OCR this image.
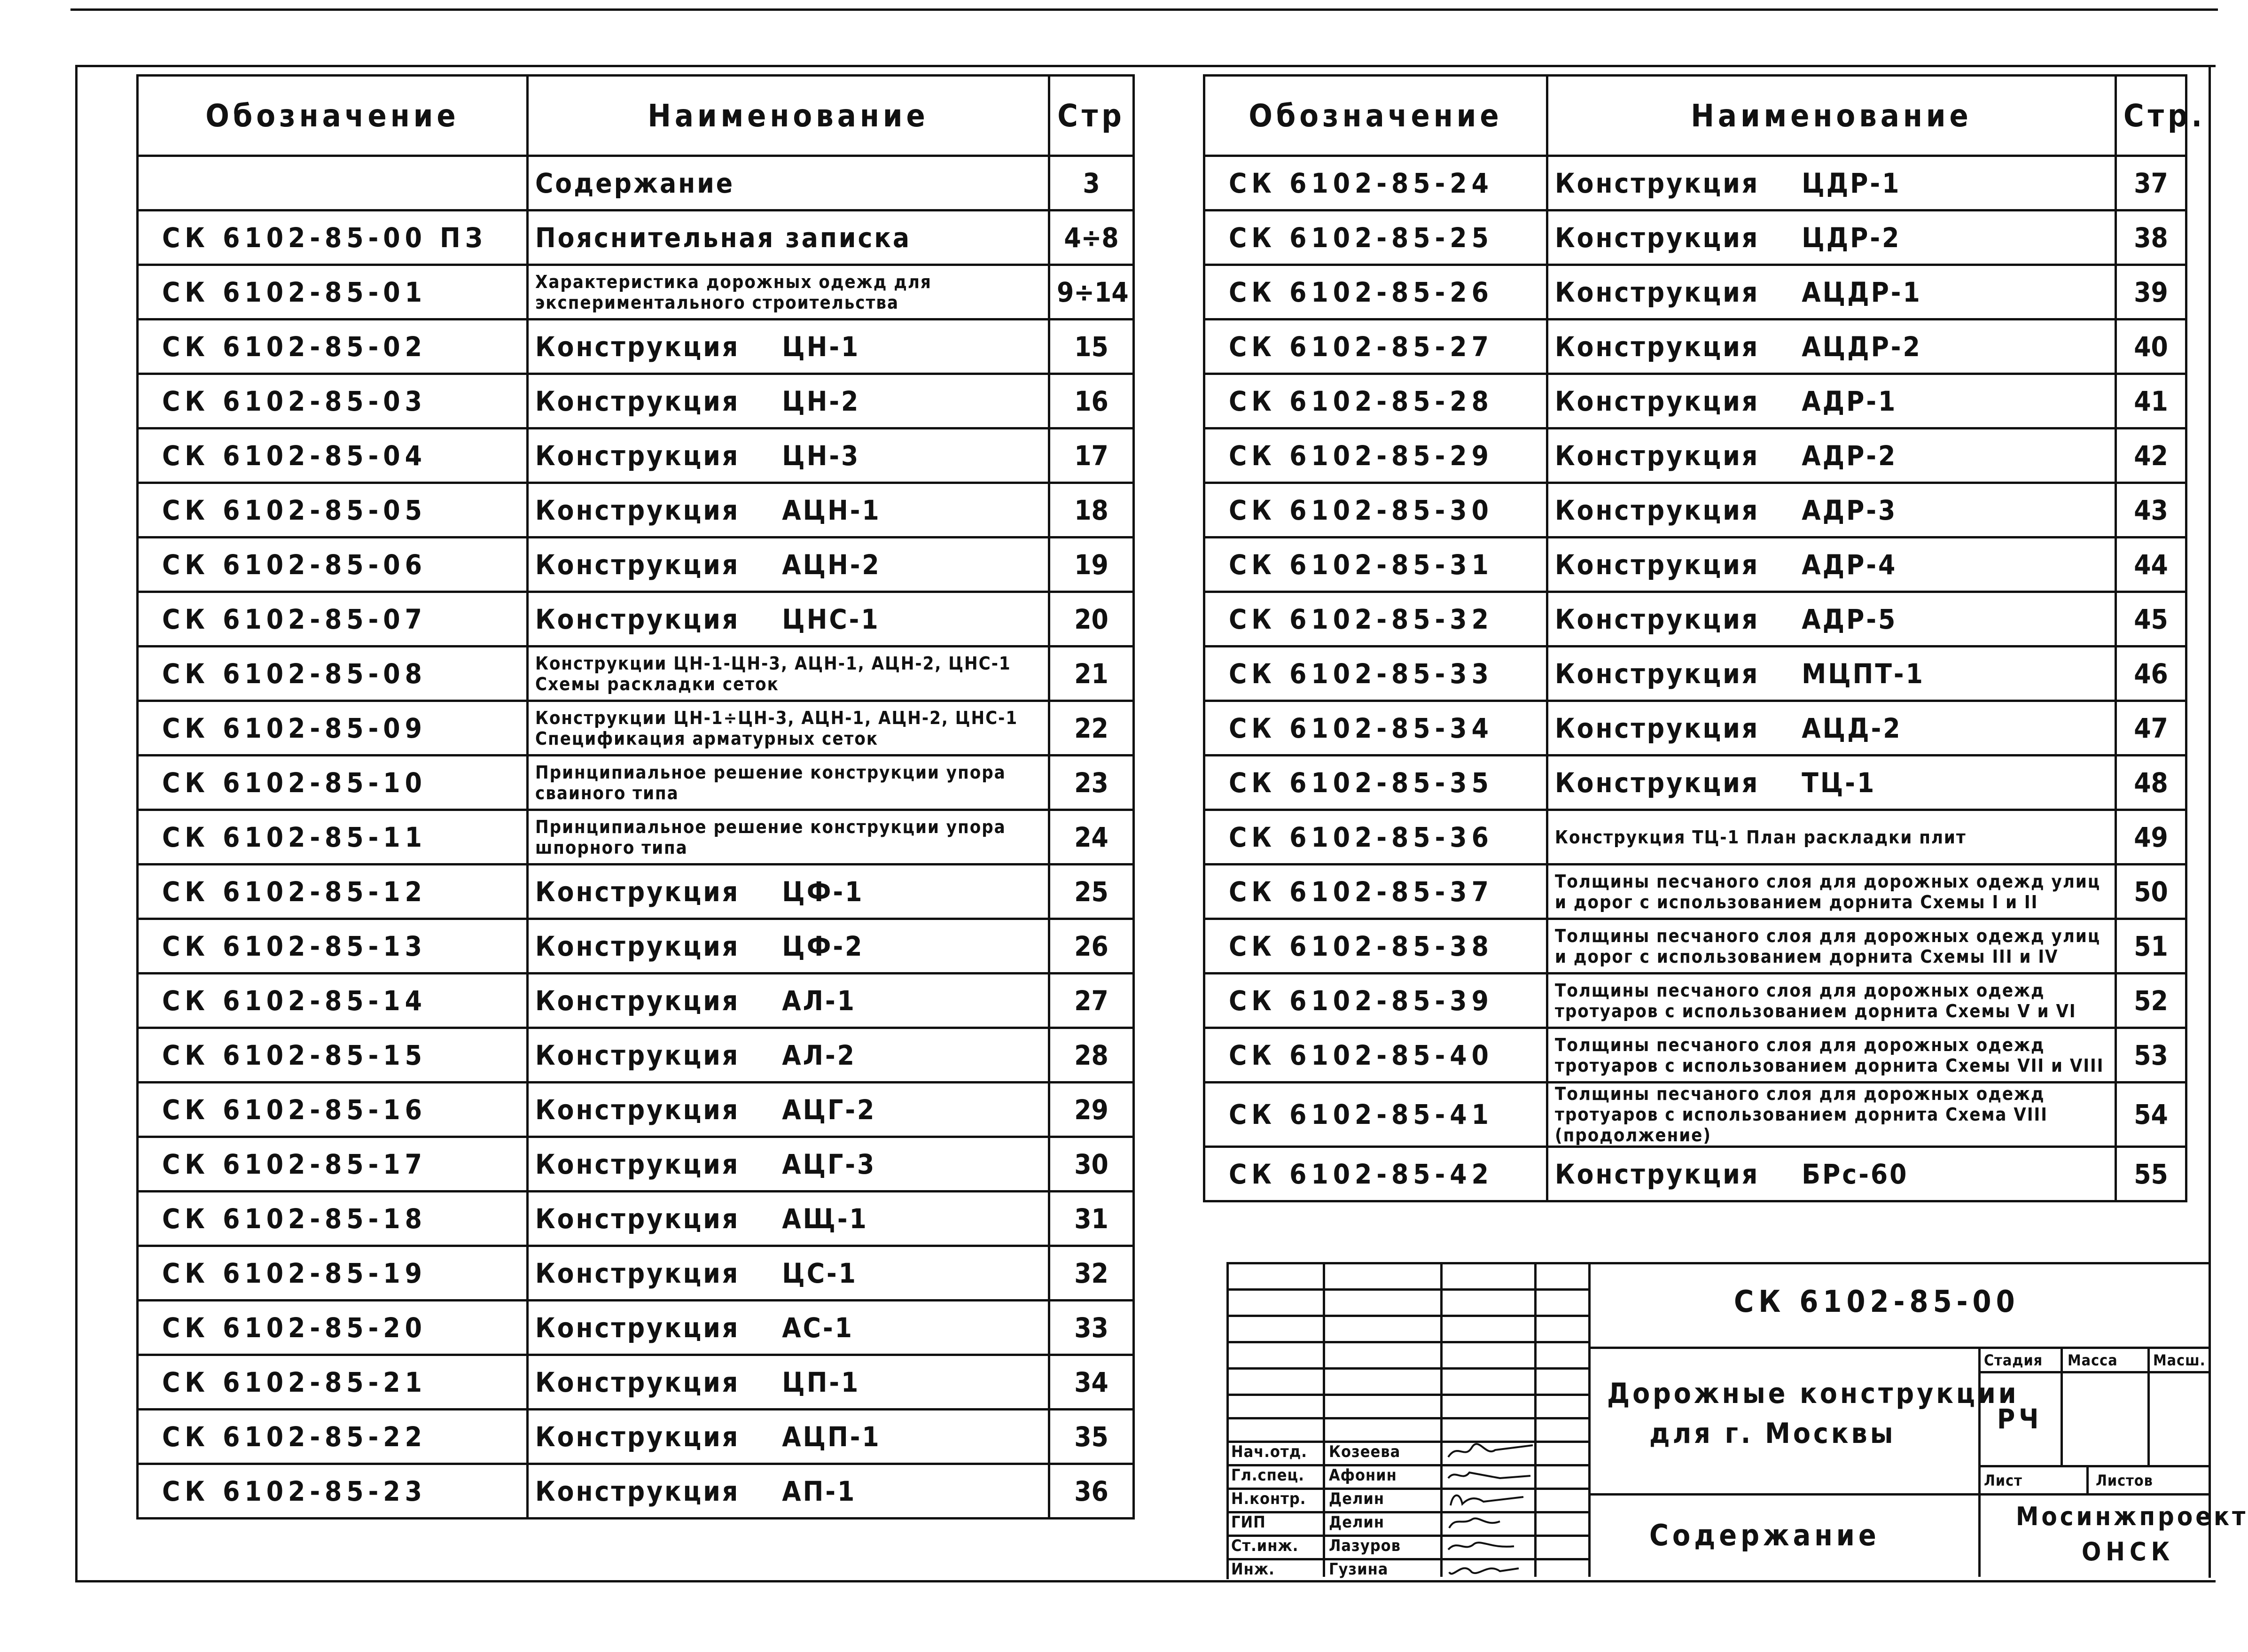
Обозначение	Наименование	Стр
	Содержание	3
СК 6102-85-00 ПЗ	Пояснительная записка	4÷8
СК 6102-85-01	Характеристика дорожных одежд для экспериментального строительства	9÷14
СК 6102-85-02	Конструкция ЦН-1	15
СК 6102-85-03	Конструкция ЦН-2	16
СК 6102-85-04	Конструкция ЦН-3	17
СК 6102-85-05	Конструкция АЦН-1	18
СК 6102-85-06	Конструкция АЦН-2	19
СК 6102-85-07	Конструкция ЦНС-1	20
СК 6102-85-08	Конструкции ЦН-1-ЦН-3, АЦН-1, АЦН-2, ЦНС-1 Схемы раскладки сеток	21
СК 6102-85-09	Конструкции ЦН-1÷ЦН-3, АЦН-1, АЦН-2, ЦНС-1 Спецификация арматурных сеток	22
СК 6102-85-10	Принципиальное решение конструкции упора сваиного типа	23
СК 6102-85-11	Принципиальное решение конструкции упора шпорного типа	24
СК 6102-85-12	Конструкция ЦФ-1	25
СК 6102-85-13	Конструкция ЦФ-2	26
СК 6102-85-14	Конструкция АЛ-1	27
СК 6102-85-15	Конструкция АЛ-2	28
СК 6102-85-16	Конструкция АЦГ-2	29
СК 6102-85-17	Конструкция АЦГ-3	30
СК 6102-85-18	Конструкция АЩ-1	31
СК 6102-85-19	Конструкция ЦС-1	32
СК 6102-85-20	Конструкция АС-1	33
СК 6102-85-21	Конструкция ЦП-1	34
СК 6102-85-22	Конструкция АЦП-1	35
СК 6102-85-23	Конструкция АП-1	36
Обозначение	Наименование	Стр.
СК 6102-85-24	Конструкция ЦДР-1	37
СК 6102-85-25	Конструкция ЦДР-2	38
СК 6102-85-26	Конструкция АЦДР-1	39
СК 6102-85-27	Конструкция АЦДР-2	40
СК 6102-85-28	Конструкция АДР-1	41
СК 6102-85-29	Конструкция АДР-2	42
СК 6102-85-30	Конструкция АДР-3	43
СК 6102-85-31	Конструкция АДР-4	44
СК 6102-85-32	Конструкция АДР-5	45
СК 6102-85-33	Конструкция МЦПТ-1	46
СК 6102-85-34	Конструкция АЦД-2	47
СК 6102-85-35	Конструкция ТЦ-1	48
СК 6102-85-36	Конструкция ТЦ-1 План раскладки плит	49
СК 6102-85-37	Толщины песчаного слоя для дорожных одежд улиц и дорог с использованием дорнита Схемы I и II	50
СК 6102-85-38	Толщины песчаного слоя для дорожных одежд улиц и дорог с использованием дорнита Схемы III и IV	51
СК 6102-85-39	Толщины песчаного слоя для дорожных одежд тротуаров с использованием дорнита Схемы V и VI	52
СК 6102-85-40	Толщины песчаного слоя для дорожных одежд тротуаров с использованием дорнита Схемы VII и VIII	53
СК 6102-85-41	Толщины песчаного слоя для дорожных одежд тротуаров с использованием дорнита Схема VIII (продолжение)	54
СК 6102-85-42	Конструкция БРс-60	55
Нач.отд. Козеева
Гл.спец. Афонин
Н.контр. Делин
ГИП	Делин
Ст.инж. Лазуров
Инж.	Гузина
СК 6102-85-00
Дорожные конструкции
для г. Москвы
Содержание
Стадия Масса Масш.
РЧ
Лист	Листов
Мосинжпроект
ОНСК
